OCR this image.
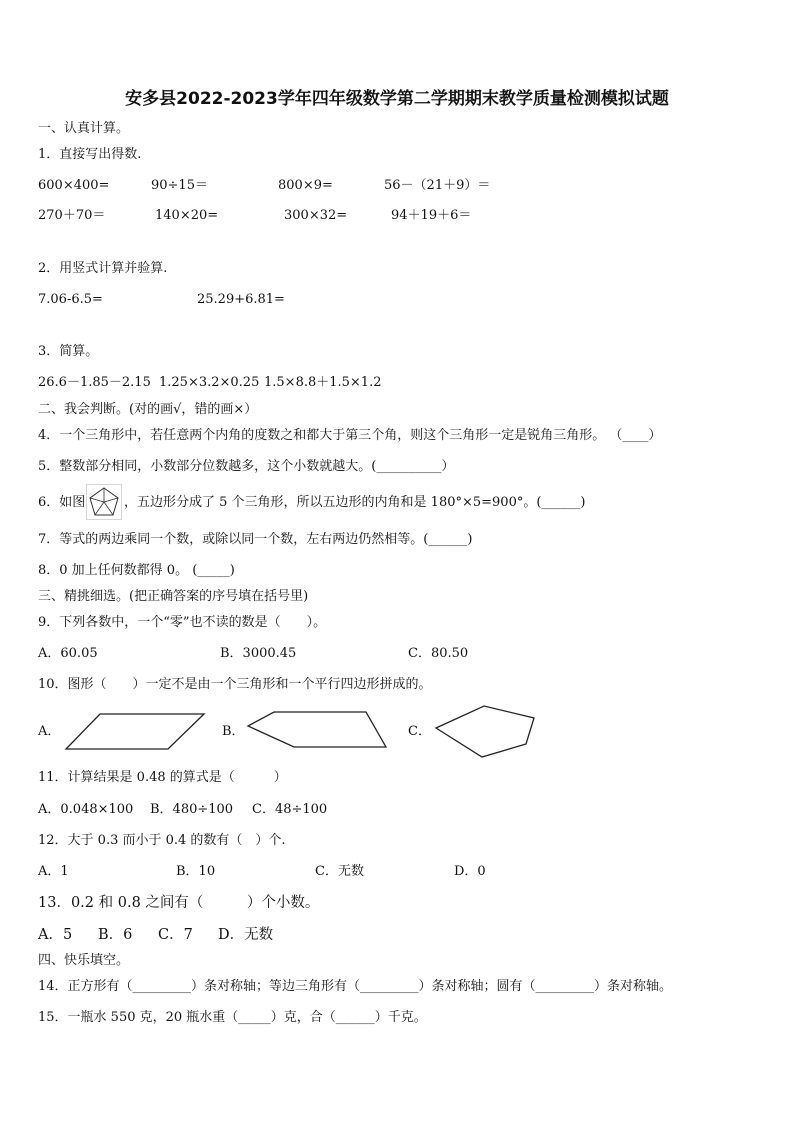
安多县2022-2023学年四年级数学第二学期期末教学质量检测模拟试题
一、认真计算。
1．直接写出得数.
600×400=	90÷15＝	800×9=	56－（21＋9）＝
270＋70＝	140×20=	300×32=	94＋19＋6＝
2．用竖式计算并验算.
7.06-6.5=	25.29+6.81=
3．简算。
26.6－1.85－2.15 1.25×3.2×0.25 1.5×8.8＋1.5×1.2
二、我会判断。(对的画√，错的画×）
4．一个三角形中，若任意两个内角的度数之和都大于第三个角，则这个三角形一定是锐角三角形。 （____）
5．整数部分相同，小数部分位数越多，这个小数就越大。(__________）
6．如图	，五边形分成了 5 个三角形，所以五边形的内角和是 180°×5=900°。(______)
7．等式的两边乘同一个数，或除以同一个数，左右两边仍然相等。(______)
8．0 加上任何数都得 0。 (_____)
三、精挑细选。(把正确答案的序号填在括号里)
9．下列各数中，一个“零”也不读的数是（　　）。
A．60.05	B．3000.45	C．80.50
10．图形（　　）一定不是由一个三角形和一个平行四边形拼成的。
A．	B．	C．
11．计算结果是 0.48 的算式是（　　　）
A．0.048×100 B．480÷100 C．48÷100
12．大于 0.3 而小于 0.4 的数有（　）个.
A．1	B．10	C．无数	D．0
13．0.2 和 0.8 之间有（　　　）个小数。
A．5 B．6 C．7 D．无数
四、快乐填空。
14．正方形有（_________）条对称轴；等边三角形有（_________）条对称轴；圆有（_________）条对称轴。
15．一瓶水 550 克，20 瓶水重（_____）克，合（______）千克。
